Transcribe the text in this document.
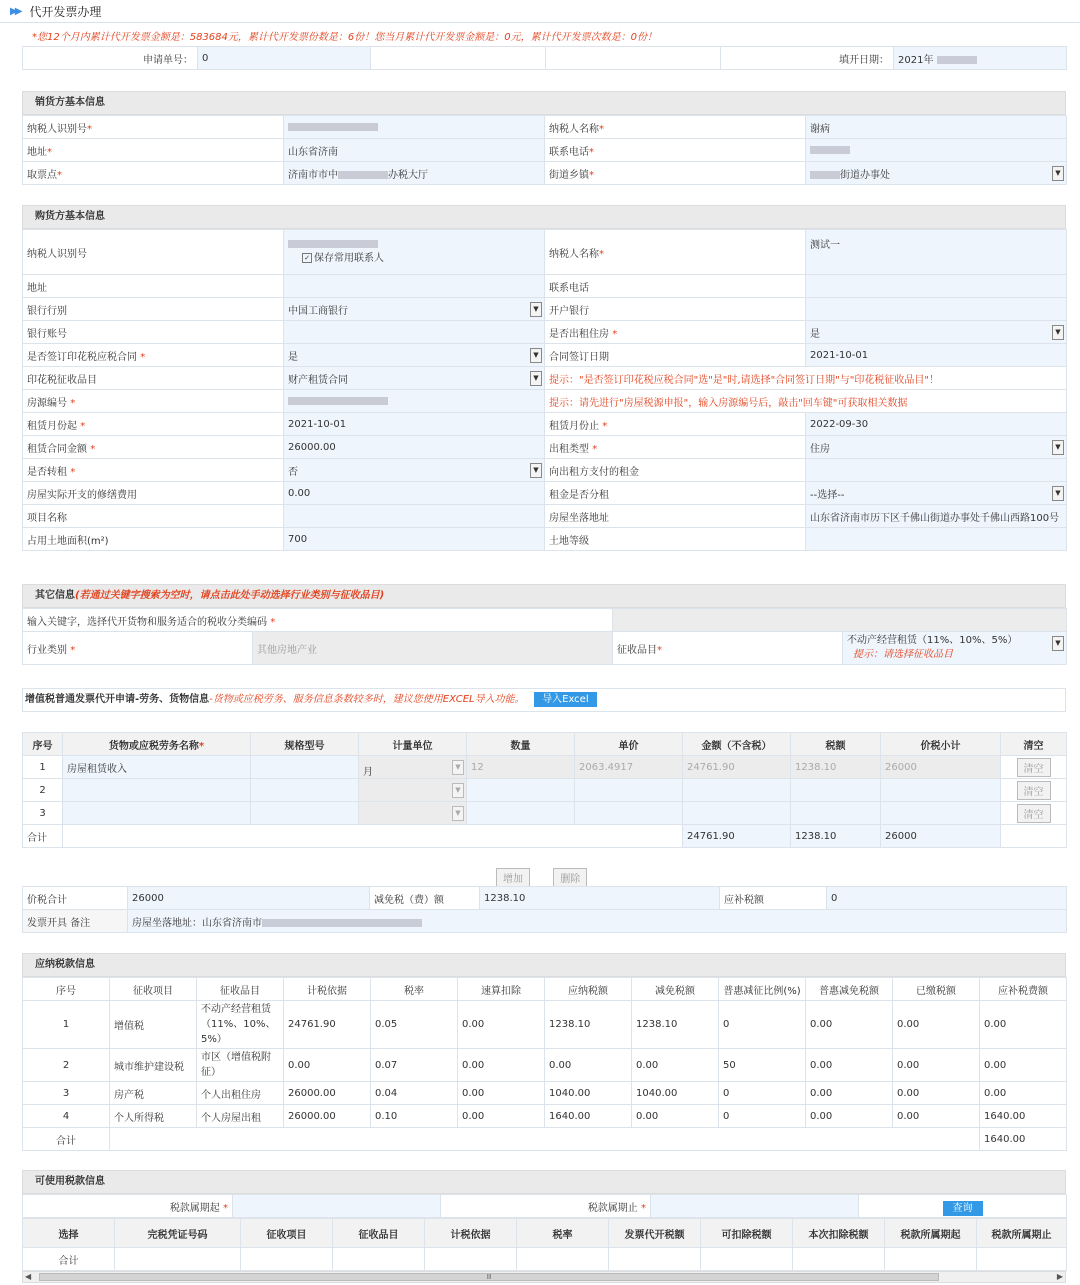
▶▶ 代开发票办理
*您12个月内累计代开发票金额是：583684元，累计代开发票份数是：6份！您当月累计代开发票金额是：0元，累计代开发票次数是：0份！
申请单号：	0			填开日期：	2021年
销货方基本信息
纳税人识别号*		纳税人名称*	谢病
地址*	山东省济南	联系电话*	
取票点*	济南市市中 办税大厅	街道乡镇*	街道办事处 ▼
购货方基本信息
纳税人识别号	✓ 保存常用联系人	纳税人名称*	测试一
地址		联系电话	
银行行别	中国工商银行 ▼	开户银行	
银行账号		是否出租住房 *	是 ▼

是否签订印花税应税合同 *	是 ▼	合同签订日期	2021-10-01
印花税征收品目	财产租赁合同 ▼	提示："是否签订印花税应税合同"选"是"时,请选择"合同签订日期"与"印花税征收品目"！	
房源编号 *		提示：请先进行"房屋税源申报"，输入房源编号后，敲击"回车键"可获取相关数据	
租赁月份起 *	2021-10-01	租赁月份止 *	2022-09-30
租赁合同金额 *	26000.00	出租类型 *	住房 ▼

是否转租 *	否 ▼	向出租方支付的租金	
房屋实际开支的修缮费用	0.00	租金是否分租	--选择-- ▼

项目名称		房屋坐落地址	山东省济南市历下区千佛山街道办事处千佛山西路100号
占用土地面积(m²)	700	土地等级	
其它信息(若通过关键字搜索为空时，请点击此处手动选择行业类别与征收品目)
输入关键字，选择代开货物和服务适合的税收分类编码 *			
行业类别 *	其他房地产业	征收品目*	不动产经营租赁（11%、10%、5%）
提示：请选择征收品目
▼
增值税普通发票代开申请-劳务、货物信息-货物或应税劳务、服务信息条数较多时，建议您使用EXCEL导入功能。 导入Excel
序号	货物或应税劳务名称*	规格型号	计量单位	数量	单价	金额（不含税）	税额	价税小计	清空
1	房屋租赁收入		月 ▼	12	2063.4917	24761.90	1238.10	26000	清空
2			▼						清空
3			▼						清空
合计						24761.90	1238.10	26000	
增加	删除
价税合计	26000	减免税（费）额	1238.10	应补税额	0
发票开具 备注	房屋坐落地址：山东省济南市				
应纳税款信息
序号	征收项目	征收品目	计税依据	税率	速算扣除	应纳税额	减免税额	普惠减征比例(%)	普惠减免税额	已缴税额	应补税费额
1	增值税	不动产经营租赁（11%、10%、5%）	24761.90	0.05	0.00	1238.10	1238.10	0	0.00	0.00	0.00
2	城市维护建设税	市区（增值税附征）	0.00	0.07	0.00	0.00	0.00	50	0.00	0.00	0.00
3	房产税	个人出租住房	26000.00	0.04	0.00	1040.00	1040.00	0	0.00	0.00	0.00
4	个人所得税	个人房屋出租	26000.00	0.10	0.00	1640.00	0.00	0	0.00	0.00	1640.00
合计											1640.00
可使用税款信息
税款属期起 *		税款属期止 *		查询
选择	完税凭证号码	征收项目	征收品目	计税依据	税率	发票代开税额	可扣除税额	本次扣除税额	税款所属期起	税款所属期止
合计										
◀	Ⅲ	▶
